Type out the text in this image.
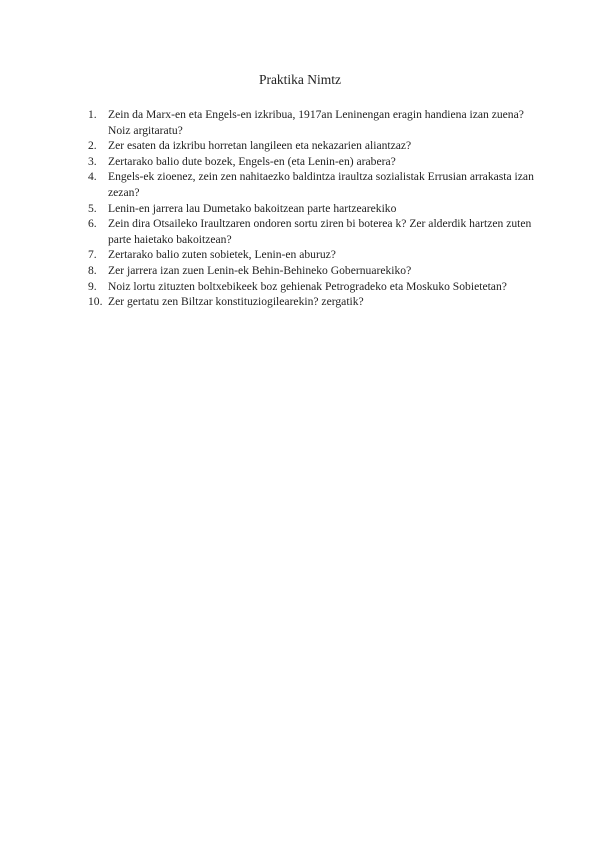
Praktika Nimtz
1. Zein da Marx-en eta Engels-en izkribua, 1917an Leninengan eragin handiena izan zuena? Noiz argitaratu?
2. Zer esaten da izkribu horretan langileen eta nekazarien aliantzaz?
3. Zertarako balio dute bozek, Engels-en (eta Lenin-en) arabera?
4. Engels-ek zioenez, zein zen nahitaezko baldintza iraultza sozialistak Errusian arrakasta izan zezan?
5. Lenin-en jarrera lau Dumetako bakoitzean parte hartzearekiko
6. Zein dira Otsaileko Iraultzaren ondoren sortu ziren bi boterea k? Zer alderdik hartzen zuten parte haietako bakoitzean?
7. Zertarako balio zuten sobietek, Lenin-en aburuz?
8. Zer jarrera izan zuen Lenin-ek Behin-Behineko Gobernuarekiko?
9. Noiz lortu zituzten boltxebikeek boz gehienak Petrogradeko eta Moskuko Sobietetan?
10. Zer gertatu zen Biltzar konstituziogilearekin? zergatik?
